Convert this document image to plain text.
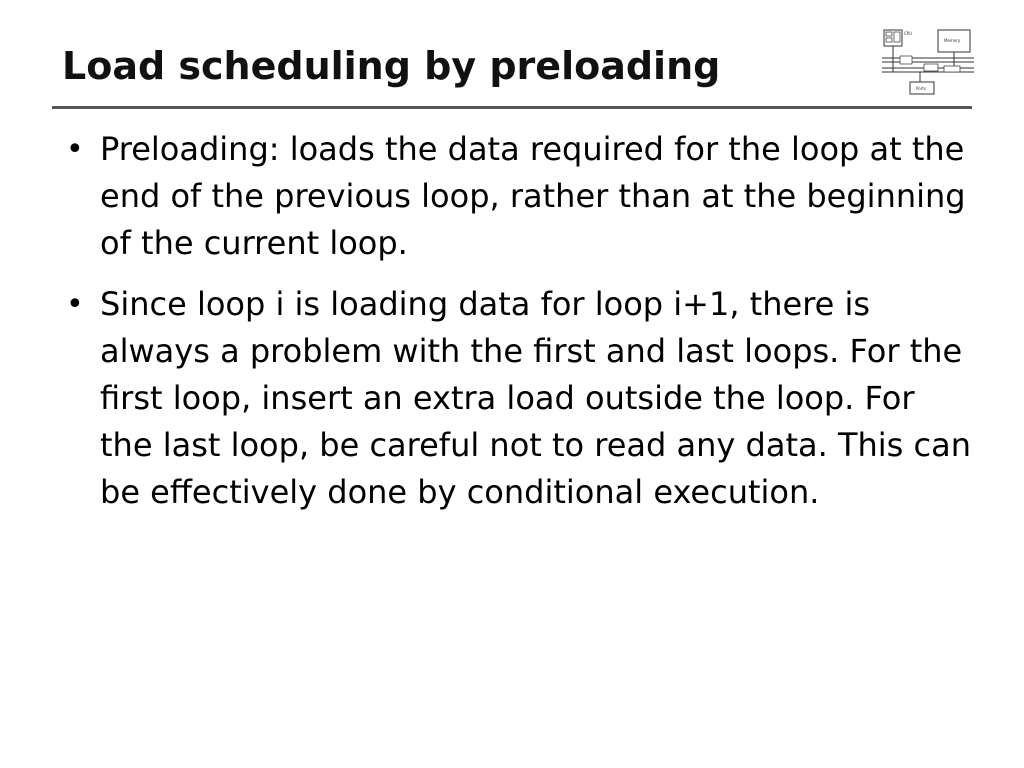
Load scheduling by preloading
CPU
Memory
Ports
• Preloading: loads the data required for the loop at the end of the previous loop, rather than at the beginning of the current loop.
• Since loop i is loading data for loop i+1, there is always a problem with the first and last loops. For the first loop, insert an extra load outside the loop. For the last loop, be careful not to read any data. This can be effectively done by conditional execution.
